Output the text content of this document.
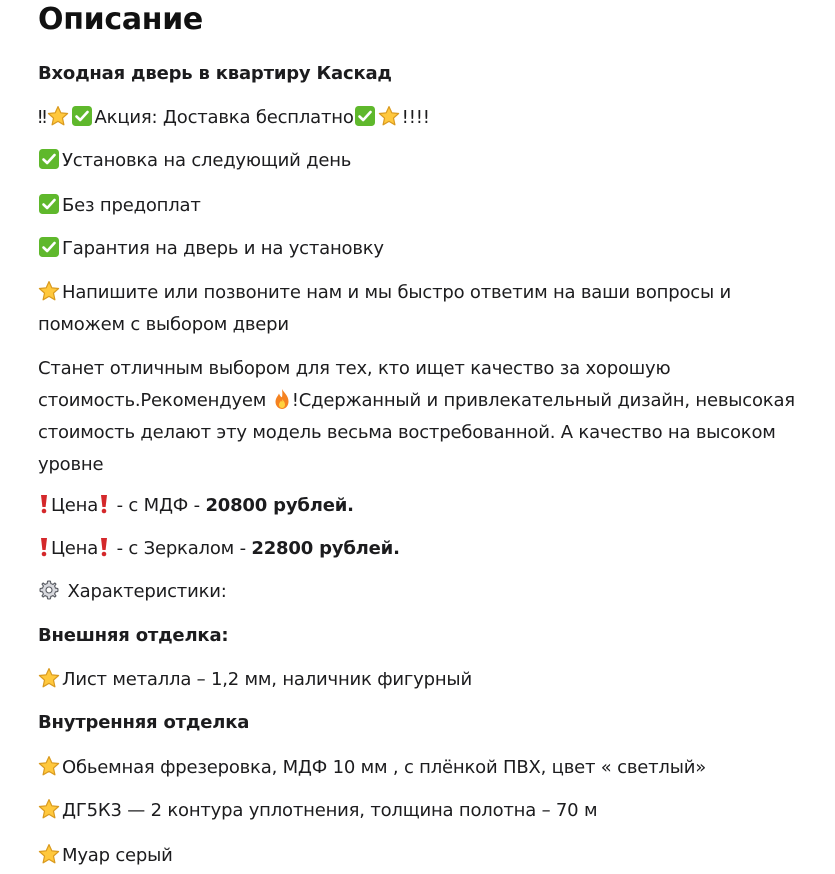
Описание

Входная дверь в квартиру Каскад

‼	Акция: Доставка бесплатно	!!!!

Установка на следующий день

Без предоплат

Гарантия на дверь и на установку

Напишите или позвоните нам и мы быстро ответим на ваши вопросы и

поможем с выбором двери

Станет отличным выбором для тех, кто ищет качество за хорошую стоимость.Рекомендуем
!Сдержанный и привлекательный дизайн, невысокая стоимость делают эту модель весьма востребованной. А качество на высоком уровне

Цена
- с МДФ - 20800 рублей.

Цена
- с Зеркалом - 22800 рублей.

Характеристики:

Внешняя отделка:

Лист металла – 1,2 мм, наличник фигурный

Внутренняя отделка

Обьемная фрезеровка, МДФ 10 мм , с плёнкой ПВХ, цвет « светлый»

ДГ5К3 — 2 контура уплотнения, толщина полотна – 70 м

Муар серый
